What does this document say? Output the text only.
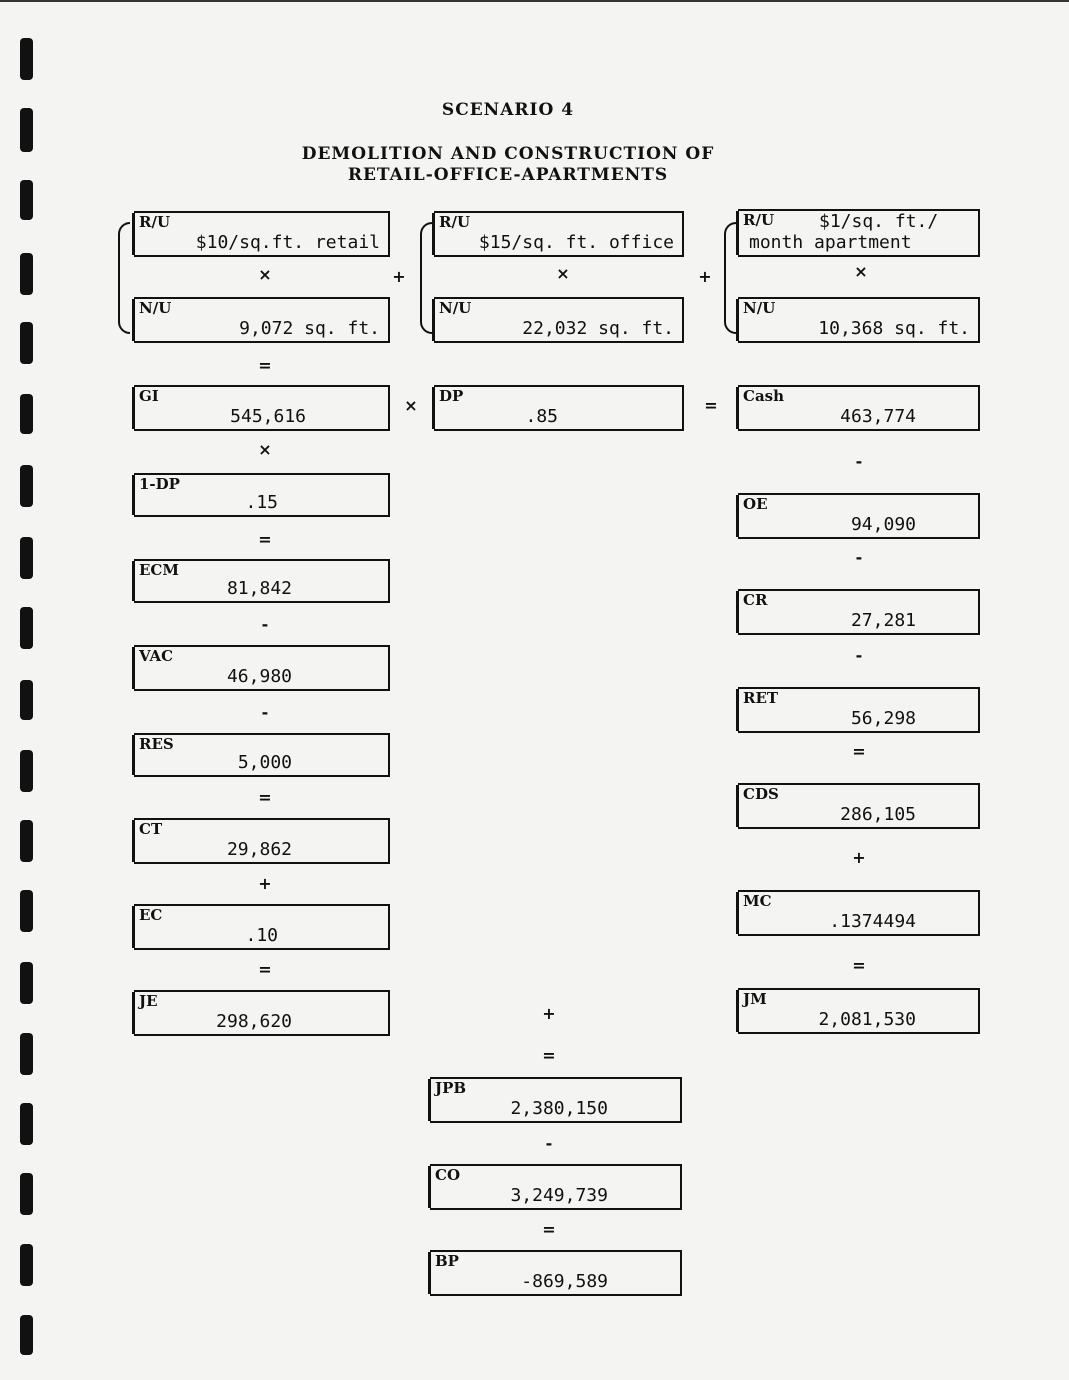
SCENARIO 4
DEMOLITION AND CONSTRUCTION OF
RETAIL-OFFICE-APARTMENTS
R/U
$10/sq.ft. retail
×
N/U
9,072 sq. ft.
+
R/U
$15/sq. ft. office
×
N/U
22,032 sq. ft.
+
R/U $1/sq. ft./
month apartment
×
N/U
10,368 sq. ft.
=
GI
545,616
×	DP
.85
=	Cash
463,774
×
1-DP
.15
=
ECM
81,842
-
VAC
46,980
-
RES
5,000
=
CT
29,862
+
EC
.10
=
JE
298,620
-
OE
94,090
-
CR
27,281
-
RET
56,298
=
CDS
286,105
+
MC
.1374494
=
JM
2,081,530
+
=
JPB
2,380,150
-
CO
3,249,739
=
BP
-869,589
